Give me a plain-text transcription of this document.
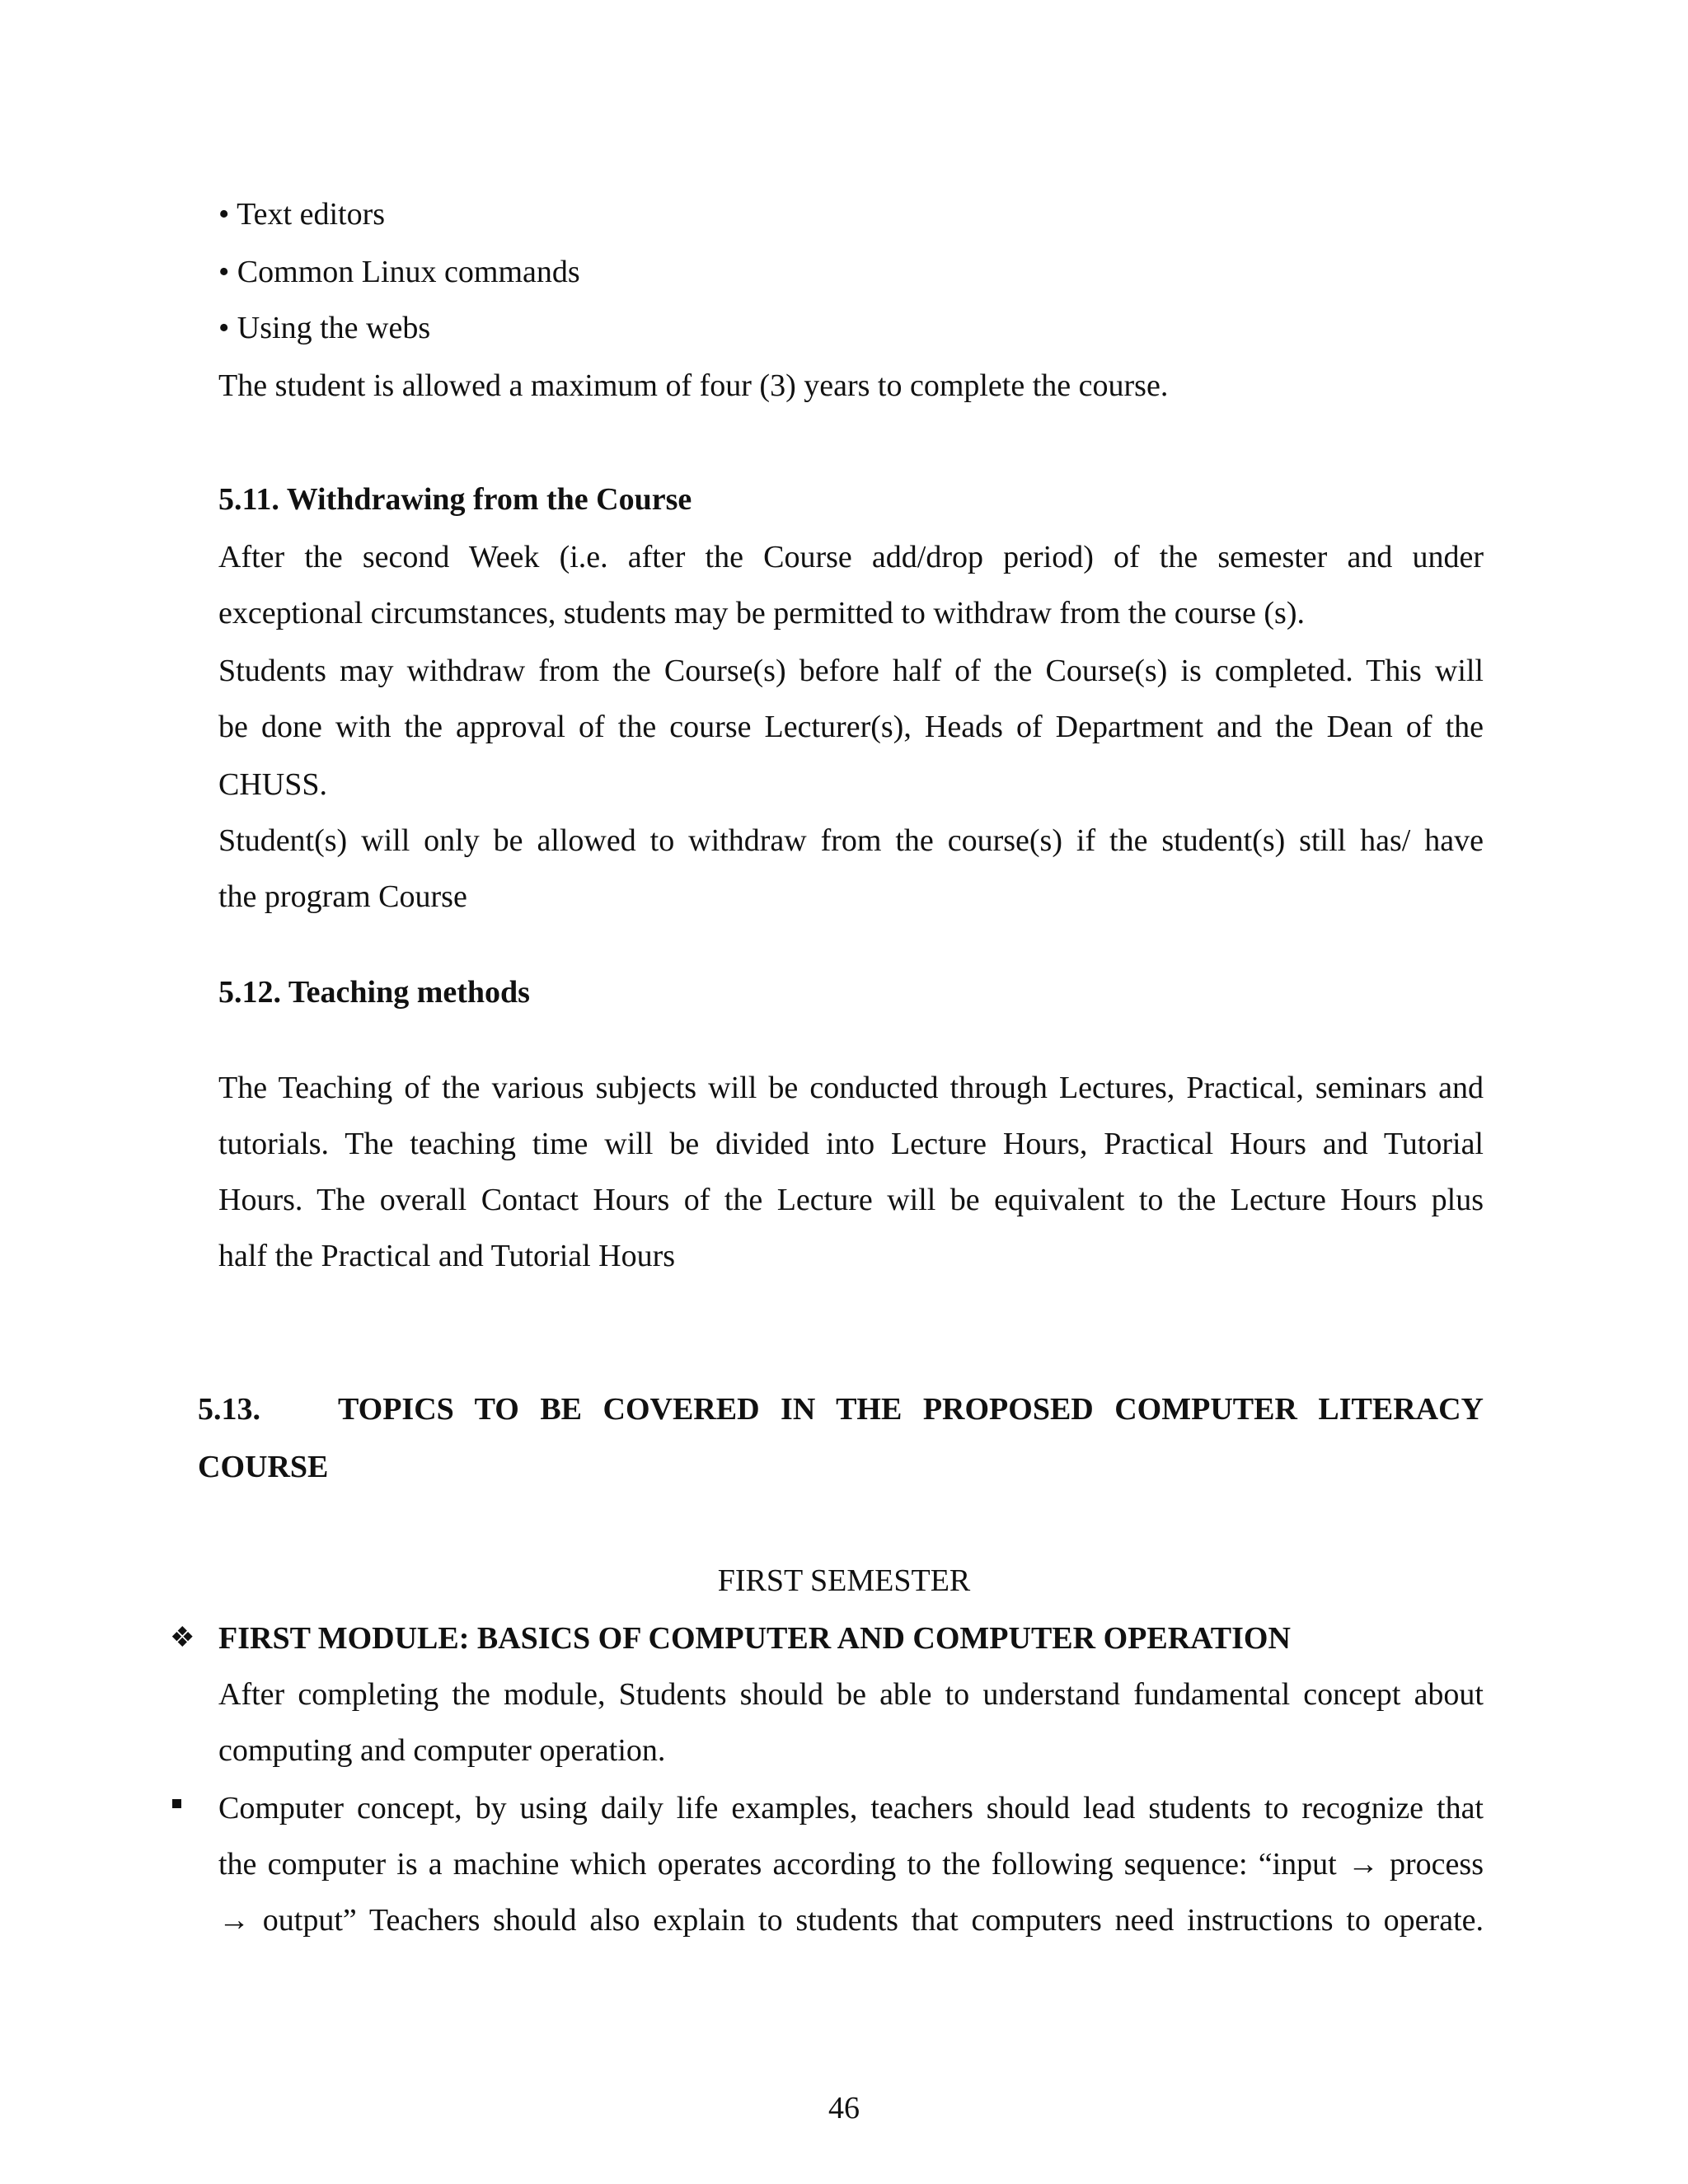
• Text editors
• Common Linux commands
• Using the webs
The student is allowed a maximum of four (3) years to complete the course.
5.11. Withdrawing from the Course
After the second Week (i.e. after the Course add/drop period) of the semester and under
exceptional circumstances, students may be permitted to withdraw from the course (s).
Students may withdraw from the Course(s) before half of the Course(s) is completed. This will
be done with the approval of the course Lecturer(s), Heads of Department and the Dean of the
CHUSS.
Student(s) will only be allowed to withdraw from the course(s) if the student(s) still has/ have
the program Course
5.12. Teaching methods
The Teaching of the various subjects will be conducted through Lectures, Practical, seminars and
tutorials. The teaching time will be divided into Lecture Hours, Practical Hours and Tutorial
Hours. The overall Contact Hours of the Lecture will be equivalent to the Lecture Hours plus
half the Practical and Tutorial Hours
5.13. TOPICS TO BE COVERED IN THE PROPOSED COMPUTER LITERACY
COURSE
FIRST SEMESTER
❖ FIRST MODULE: BASICS OF COMPUTER AND COMPUTER OPERATION
After completing the module, Students should be able to understand fundamental concept about
computing and computer operation.
Computer concept, by using daily life examples, teachers should lead students to recognize that
the computer is a machine which operates according to the following sequence: “input → process
→ output” Teachers should also explain to students that computers need instructions to operate.
46
